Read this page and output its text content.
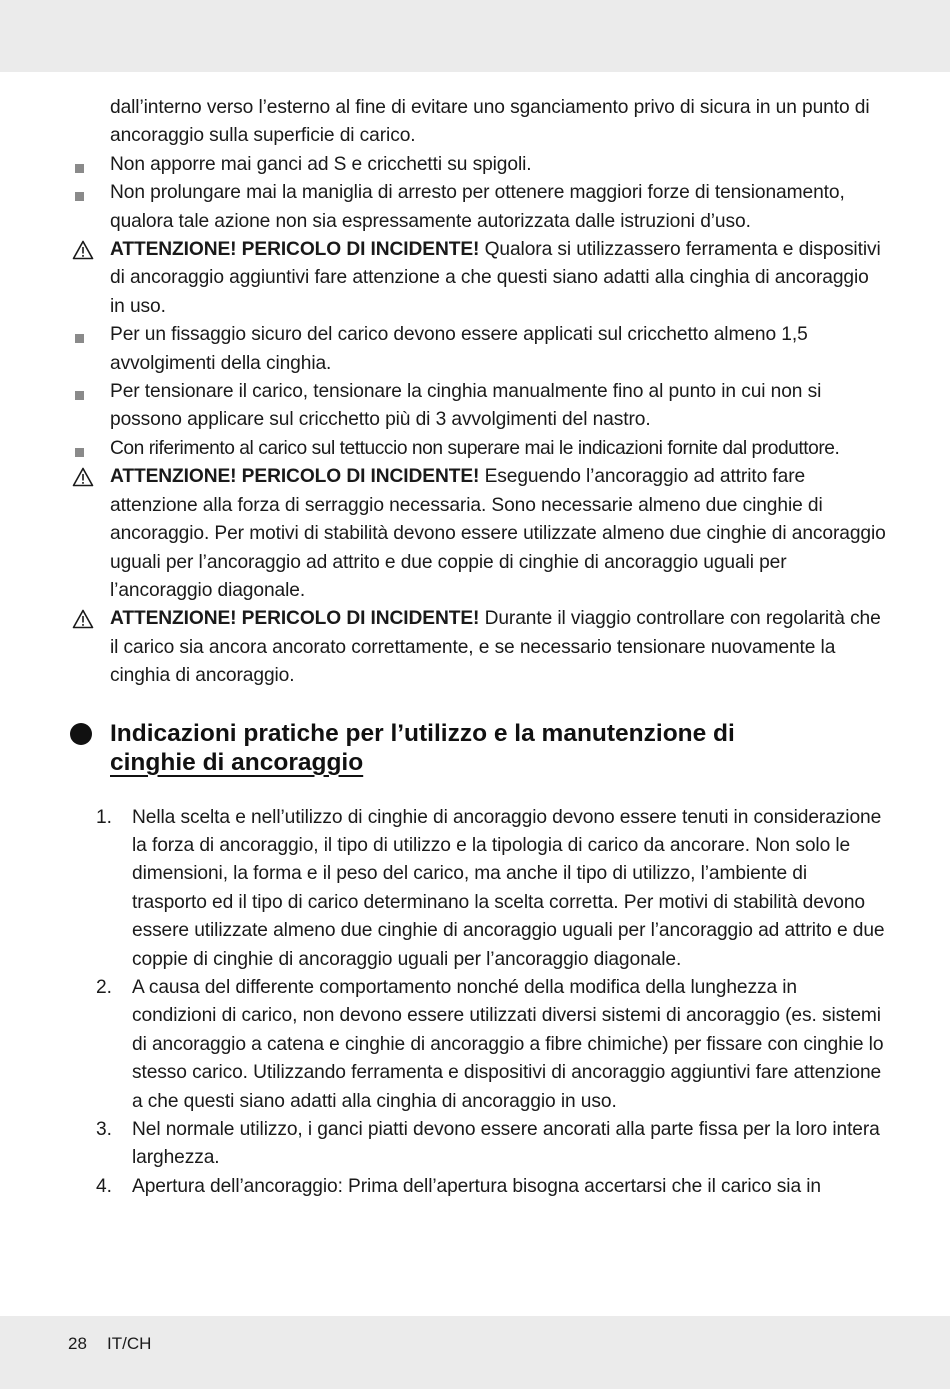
dall’interno verso l’esterno al fine di evitare uno sganciamento privo di sicura in un punto di ancoraggio sulla superficie di carico.
Non apporre mai ganci ad S e cricchetti su spigoli.
Non prolungare mai la maniglia di arresto per ottenere maggiori forze di tensionamento, qualora tale azione non sia espressamente autorizzata dalle istruzioni d’uso.
ATTENZIONE! PERICOLO DI INCIDENTE! Qualora si utilizzassero ferramenta e dispositivi di ancoraggio aggiuntivi fare attenzione a che questi siano adatti alla cinghia di ancoraggio in uso.
Per un fissaggio sicuro del carico devono essere applicati sul cricchetto almeno 1,5 avvolgimenti della cinghia.
Per tensionare il carico, tensionare la cinghia manualmente fino al punto in cui non si possono applicare sul cricchetto più di 3 avvolgimenti del nastro.
Con riferimento al carico sul tettuccio non superare mai le indicazioni fornite dal produttore.
ATTENZIONE! PERICOLO DI INCIDENTE! Eseguendo l’ancoraggio ad attrito fare attenzione alla forza di serraggio necessaria. Sono necessarie almeno due cinghie di ancoraggio. Per motivi di stabilità devono essere utilizzate almeno due cinghie di ancoraggio uguali per l’ancoraggio ad attrito e due coppie di cinghie di ancoraggio uguali per l’ancoraggio diagonale.
ATTENZIONE! PERICOLO DI INCIDENTE! Durante il viaggio controllare con regolarità che il carico sia ancora ancorato correttamente, e se necessario tensionare nuovamente la cinghia di ancoraggio.
Indicazioni pratiche per l’utilizzo e la manutenzione di
cinghie di ancoraggio
1. Nella scelta e nell’utilizzo di cinghie di ancoraggio devono essere tenuti in considerazione la forza di ancoraggio, il tipo di utilizzo e la tipologia di carico da ancorare. Non solo le dimensioni, la forma e il peso del carico, ma anche il tipo di utilizzo, l’ambiente di trasporto ed il tipo di carico determinano la scelta corretta. Per motivi di stabilità devono essere utilizzate almeno due cinghie di ancoraggio uguali per l’ancoraggio ad attrito e due coppie di cinghie di ancoraggio uguali per l’ancoraggio diagonale.
2. A causa del differente comportamento nonché della modifica della lunghezza in condizioni di carico, non devono essere utilizzati diversi sistemi di ancoraggio (es. sistemi di ancoraggio a catena e cinghie di ancoraggio a fibre chimiche) per fissare con cinghie lo stesso carico. Utilizzando ferramenta e dispositivi di ancoraggio aggiuntivi fare attenzione a che questi siano adatti alla cinghia di ancoraggio in uso.
3. Nel normale utilizzo, i ganci piatti devono essere ancorati alla parte fissa per la loro intera larghezza.
4. Apertura dell’ancoraggio: Prima dell’apertura bisogna accertarsi che il carico sia in
28 IT/CH
